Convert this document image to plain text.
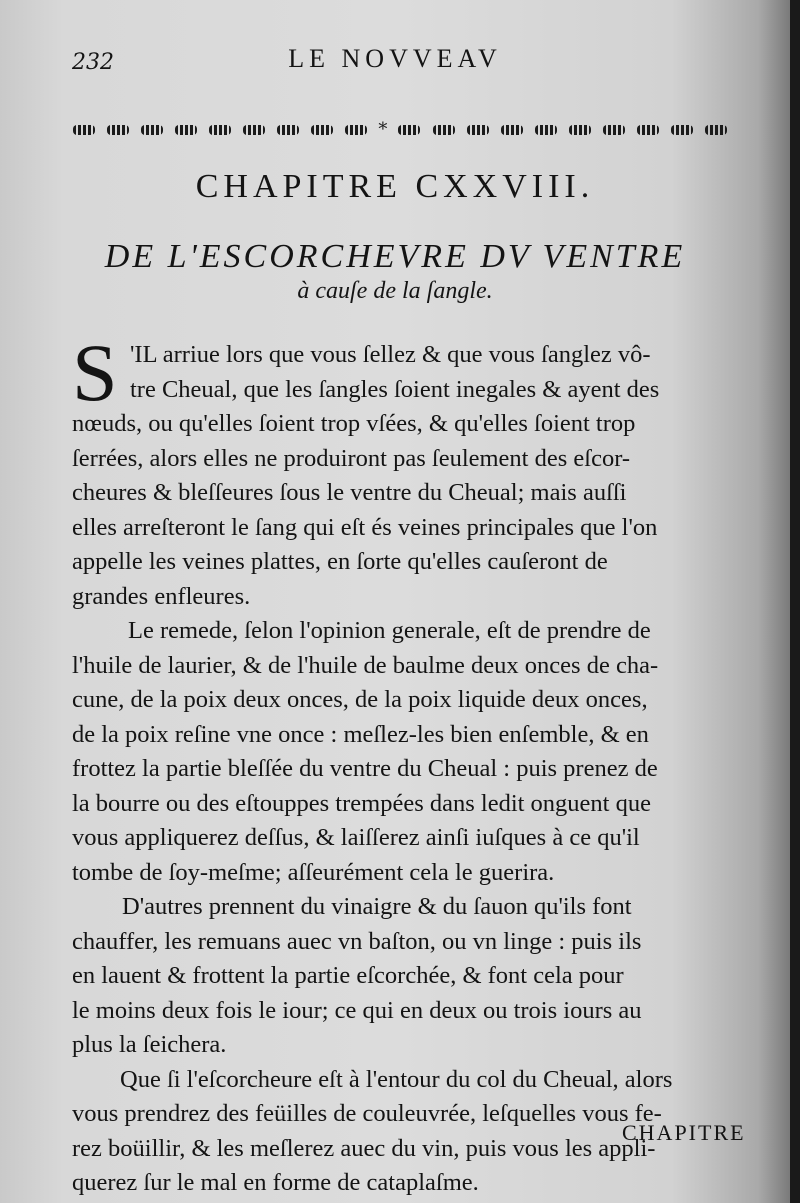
232	LE NOVVEAV
*
CHAPITRE CXXVIII.
DE L'ESCORCHEVRE DV VENTRE
à cauſe de la ſangle.
S 'IL arriue lors que vous ſellez & que vous ſanglez vô-
tre Cheual, que les ſangles ſoient inegales & ayent des
nœuds, ou qu'elles ſoient trop vſées, & qu'elles ſoient trop
ſerrées, alors elles ne produiront pas ſeulement des eſcor-
cheures & bleſſeures ſous le ventre du Cheual; mais auſſi
elles arreſteront le ſang qui eſt és veines principales que l'on
appelle les veines plattes, en ſorte qu'elles cauſeront de
grandes enfleures.
Le remede, ſelon l'opinion generale, eſt de prendre de
l'huile de laurier, & de l'huile de baulme deux onces de cha-
cune, de la poix deux onces, de la poix liquide deux onces,
de la poix reſine vne once : meſlez-les bien enſemble, & en
frottez la partie bleſſée du ventre du Cheual : puis prenez de
la bourre ou des eſtouppes trempées dans ledit onguent que
vous appliquerez deſſus, & laiſſerez ainſi iuſques à ce qu'il
tombe de ſoy-meſme; aſſeurément cela le guerira.
D'autres prennent du vinaigre & du ſauon qu'ils font
chauffer, les remuans auec vn baſton, ou vn linge : puis ils
en lauent & frottent la partie eſcorchée, & font cela pour
le moins deux fois le iour; ce qui en deux ou trois iours au
plus la ſeichera.
Que ſi l'eſcorcheure eſt à l'entour du col du Cheual, alors
vous prendrez des feüilles de couleuvrée, leſquelles vous fe-
rez boüillir, & les meſlerez auec du vin, puis vous les appli-
querez ſur le mal en forme de cataplaſme.
CHAPITRE
